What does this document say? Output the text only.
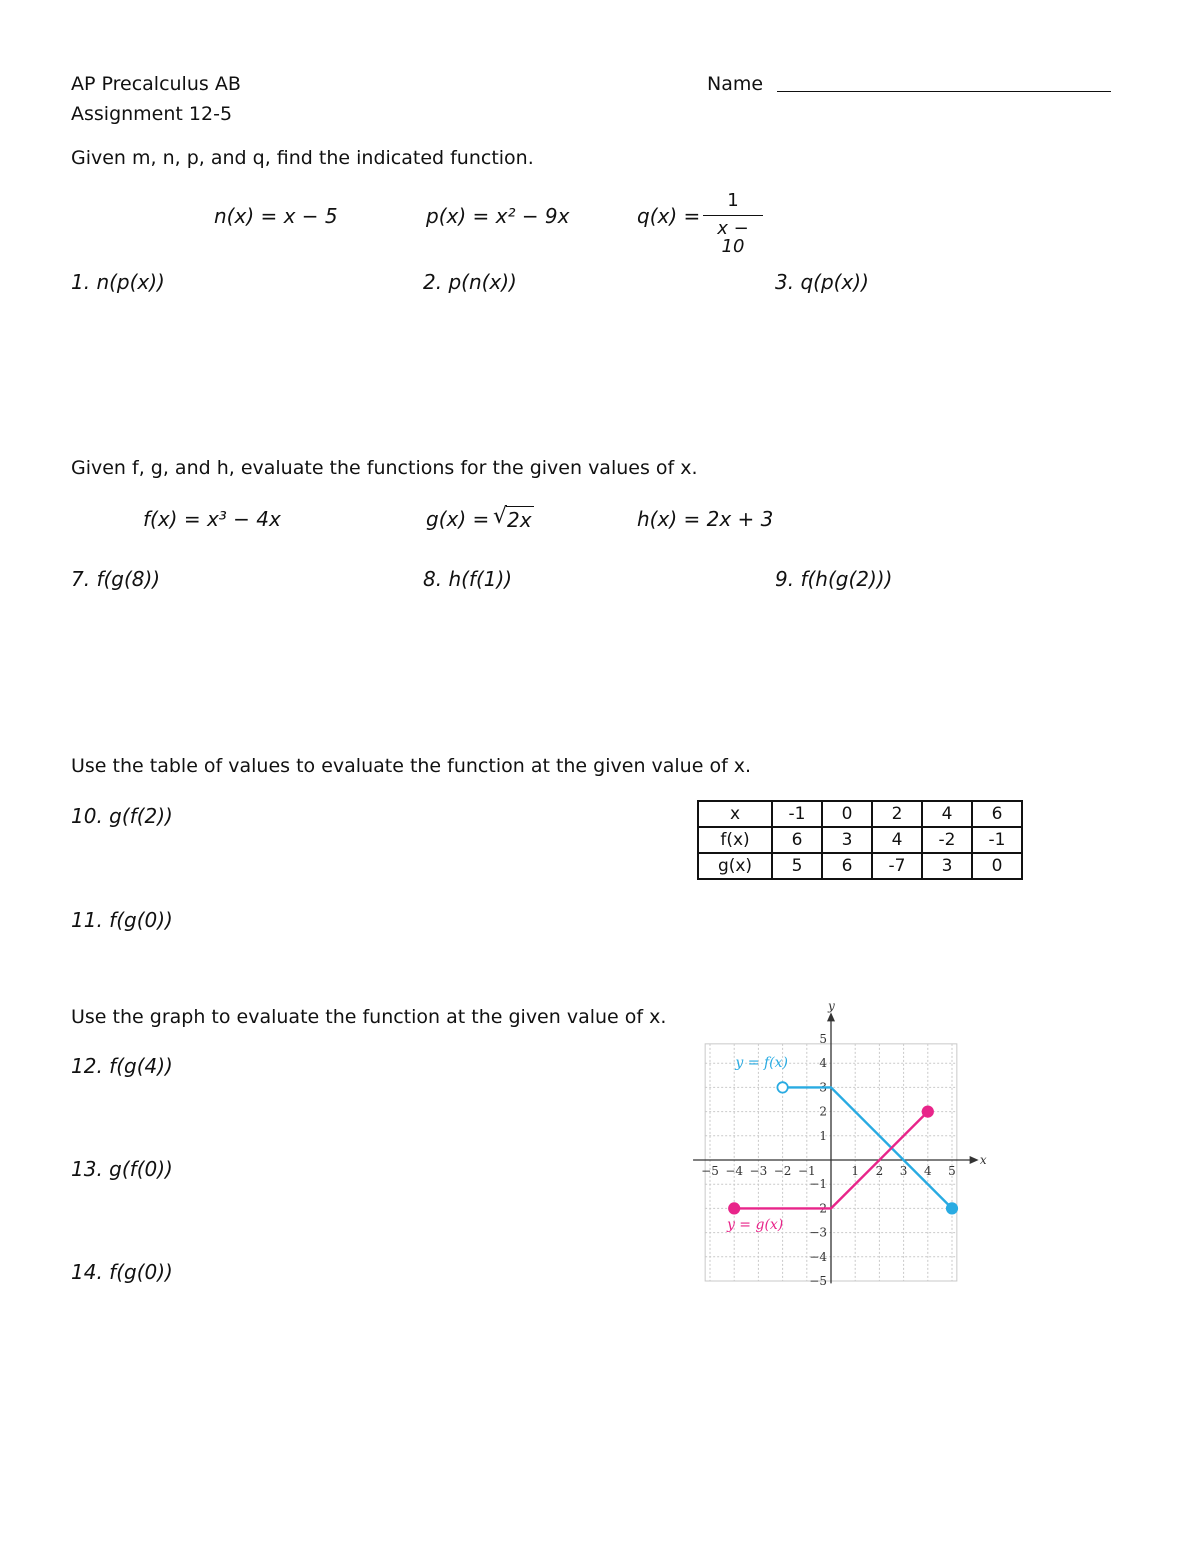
AP Precalculus AB
Assignment 12-5
Name
Given m, n, p, and q, find the indicated function.
n(x) = x − 5	p(x) = x² − 9x	$q(x) = \frac{1}{x - 10}$
1. n(p(x))	2. p(n(x))	3. q(p(x))
Given f, g, and h, evaluate the functions for the given values of x.
f(x) = x³ − 4x	g(x) = √ 2x	h(x) = 2x + 3
7. f(g(8))	8. h(f(1))	9. f(h(g(2)))
Use the table of values to evaluate the function at the given value of x.
10. g(f(2))
11. f(g(0))
x	-1	0	2	4	6
f(x)	6	3	4	-2	-1
g(x)	5	6	-7	3	0
Use the graph to evaluate the function at the given value of x.
12. f(g(4))
13. g(f(0))
14. f(g(0))
x
y
−5 −4 −3 −2 −1	1 2 3 4 5
5
4
3
2
1
−1
−2
−3
−4
−5
y = f(x)
y = g(x)
